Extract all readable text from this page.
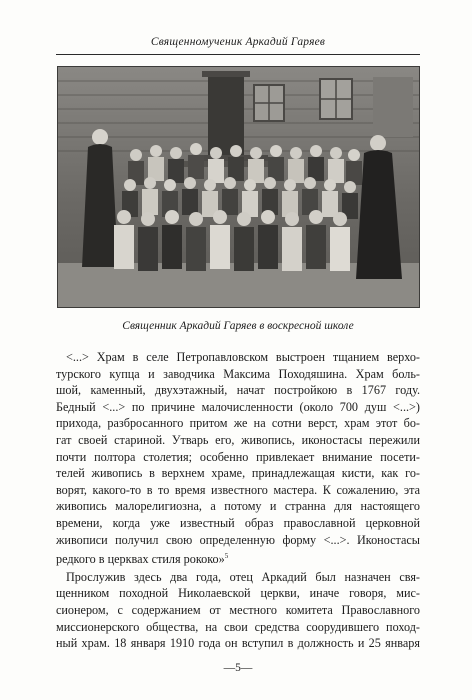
Священномученик Аркадий Гаряев
Священник Аркадий Гаряев в воскресной школе
<...> Храм в селе Петропавловском выстроен тщанием верхо-
турского купца и заводчика Максима Походяшина. Храм боль-
шой, каменный, двухэтажный, начат постройкою в 1767 году.
Бедный <...> по причине малочисленности (около 700 душ <...>)
прихода, разбросанного притом же на сотни верст, храм этот бо-
гат своей стариной. Утварь его, живопись, иконостасы пережили
почти полтора столетия; особенно привлекает внимание посети-
телей живопись в верхнем храме, принадлежащая кисти, как го-
ворят, какого-то в то время известного мастера. К сожалению, эта
живопись малорелигиозна, а потому и странна для настоящего
времени, когда уже известный образ православной церковной
живописи получил свою определенную форму <...>. Иконостасы
редкого в церквах стиля рококо»$^5$
Прослужив здесь два года, отец Аркадий был назначен свя-
щенником походной Николаевской церкви, иначе говоря, мис-
сионером, с содержанием от местного комитета Православного
миссионерского общества, на свои средства соорудившего поход-
ный храм. 18 января 1910 года он вступил в должность и 25 января
—5—
